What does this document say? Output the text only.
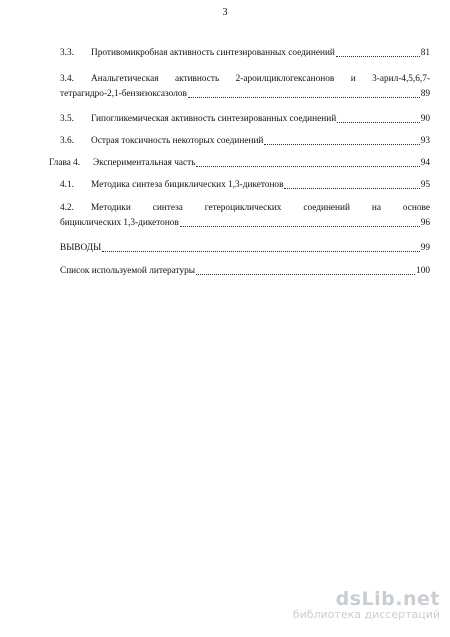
3
3.3.	Противомикробная активность синтезированных соединений	81
3.4.	Анальгетическая активность 2-ароилциклогексанонов и 3-арил-4,5,6,7-
тетрагидро-2,1-бензизоксазолов	89
3.5.	Гипогликемическая активность синтезированных соединений	90
3.6.	Острая токсичность некоторых соединений	93
Глава 4.	Экспериментальная часть	94
4.1.	Методика синтеза бициклических 1,3-дикетонов	95
4.2.	Методики синтеза гетероциклических соединений на основе
бициклических 1,3-дикетонов	96
ВЫВОДЫ	99
Список используемой литературы	100
dsLib.net
библиотека диссертаций
